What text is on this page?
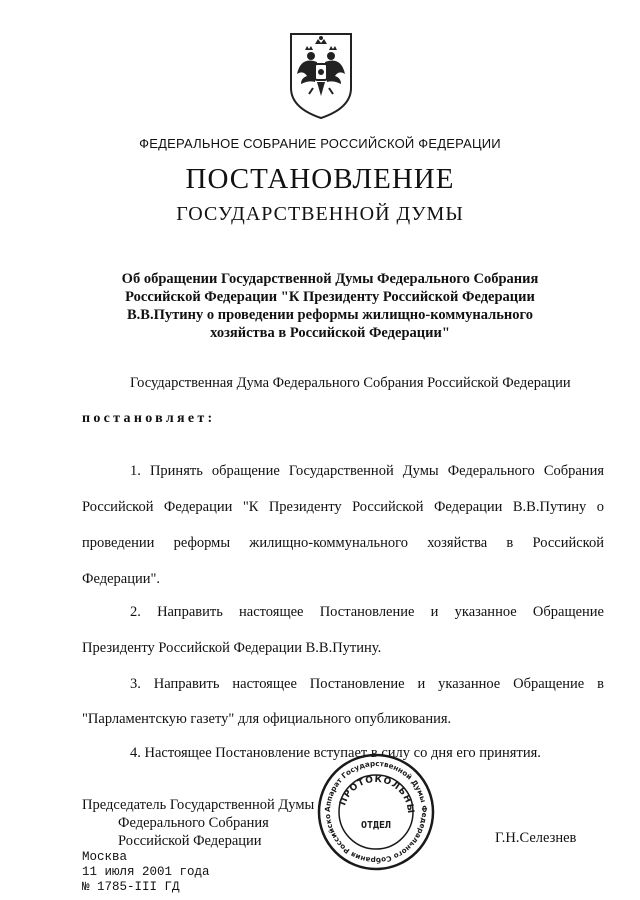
ФЕДЕРАЛЬНОЕ СОБРАНИЕ РОССИЙСКОЙ ФЕДЕРАЦИИ
ПОСТАНОВЛЕНИЕ
ГОСУДАРСТВЕННОЙ ДУМЫ
Об обращении Государственной Думы Федерального Собрания
Российской Федерации "К Президенту Российской Федерации
В.В.Путину о проведении реформы жилищно-коммунального
хозяйства в Российской Федерации"
Государственная Дума Федерального Собрания Российской Федерации
постановляет:
1. Принять обращение Государственной Думы Федерального Собрания
Российской Федерации "К Президенту Российской Федерации В.В.Путину о
проведении реформы жилищно-коммунального хозяйства в Российской
Федерации".
2. Направить настоящее Постановление и указанное Обращение
Президенту Российской Федерации В.В.Путину.
3. Направить настоящее Постановление и указанное Обращение в
"Парламентскую газету" для официального опубликования.
4. Настоящее Постановление вступает в силу со дня его принятия.
Председатель Государственной Думы
Федерального Собрания
Российской Федерации	Г.Н.Селезнев
Москва
11 июля 2001 года
№ 1785-III ГД
Аппарат Государственной Думы Федерального Собрания Российско
ПРОТОКОЛЬНЫ
ОТДЕЛ
